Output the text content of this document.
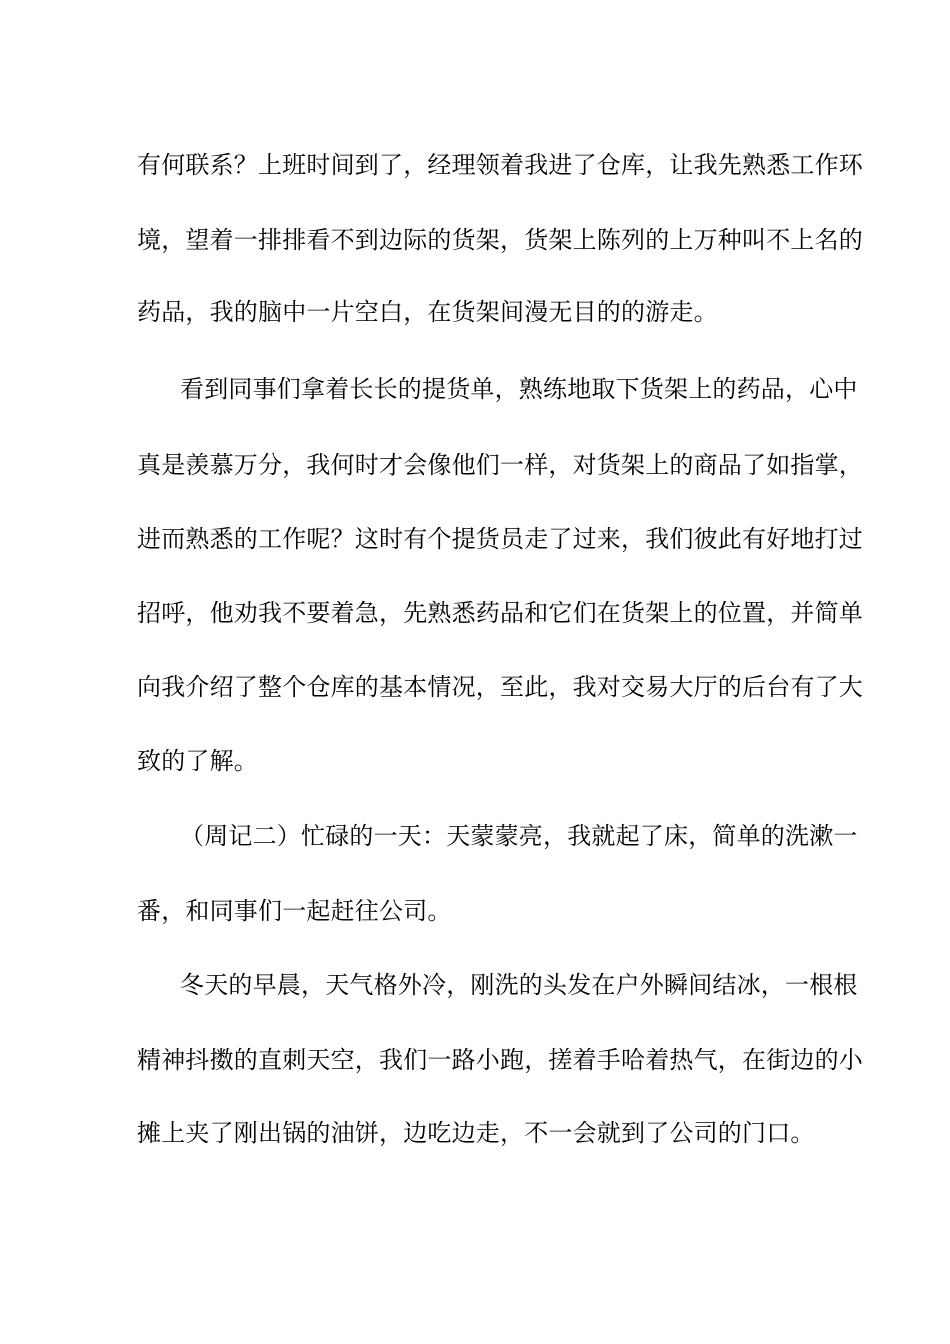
有何联系？上班时间到了，经理领着我进了仓库，让我先熟悉工作环
境，望着一排排看不到边际的货架，货架上陈列的上万种叫不上名的
药品，我的脑中一片空白，在货架间漫无目的的游走。
看到同事们拿着长长的提货单，熟练地取下货架上的药品，心中
真是羡慕万分，我何时才会像他们一样，对货架上的商品了如指掌，
进而熟悉的工作呢？这时有个提货员走了过来，我们彼此有好地打过
招呼，他劝我不要着急，先熟悉药品和它们在货架上的位置，并简单
向我介绍了整个仓库的基本情况，至此，我对交易大厅的后台有了大
致的了解。
（周记二）忙碌的一天：天蒙蒙亮，我就起了床，简单的洗漱一
番，和同事们一起赶往公司。
冬天的早晨，天气格外冷，刚洗的头发在户外瞬间结冰，一根根
精神抖擞的直刺天空，我们一路小跑，搓着手哈着热气，在街边的小
摊上夹了刚出锅的油饼，边吃边走，不一会就到了公司的门口。
